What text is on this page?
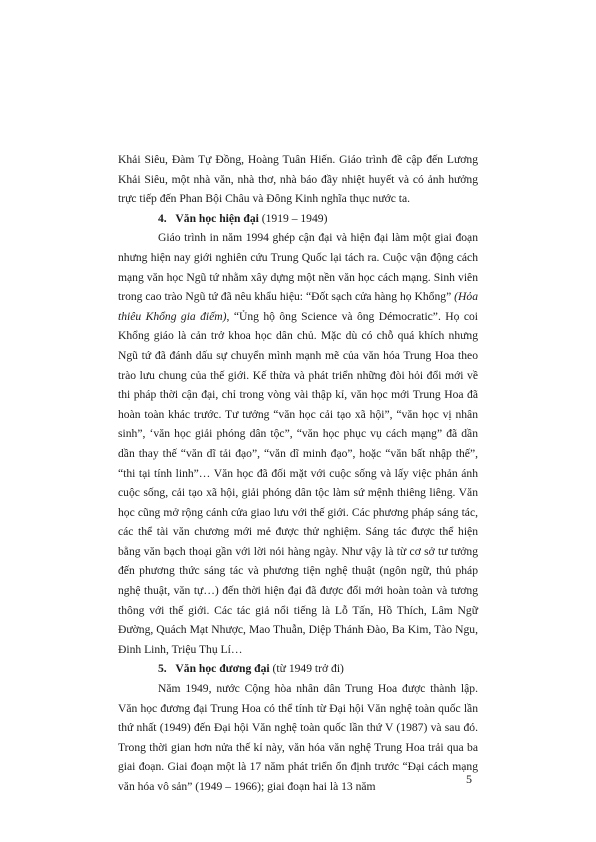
Khải Siêu, Đàm Tự Đồng, Hoàng Tuân Hiến. Giáo trình đề cập đến Lương Khải Siêu, một nhà văn, nhà thơ, nhà báo đầy nhiệt huyết và có ảnh hưởng trực tiếp đến Phan Bội Châu và Đông Kinh nghĩa thục nước ta.

4. Văn học hiện đại (1919 – 1949)

Giáo trình in năm 1994 ghép cận đại và hiện đại làm một giai đoạn nhưng hiện nay giới nghiên cứu Trung Quốc lại tách ra. Cuộc vận động cách mạng văn học Ngũ tứ nhằm xây dựng một nền văn học cách mạng. Sinh viên trong cao trào Ngũ tứ đã nêu khẩu hiệu: “Đốt sạch cửa hàng họ Khổng” (Hỏa thiêu Khổng gia điếm), “Ủng hộ ông Science và ông Démocratic”. Họ coi Khổng giáo là cản trở khoa học dân chủ. Mặc dù có chỗ quá khích nhưng Ngũ tứ đã đánh dấu sự chuyển mình mạnh mẽ của văn hóa Trung Hoa theo trào lưu chung của thế giới. Kế thừa và phát triển những đòi hỏi đổi mới về thi pháp thời cận đại, chỉ trong vòng vài thập kỉ, văn học mới Trung Hoa đã hoàn toàn khác trước. Tư tưởng “văn học cải tạo xã hội”, “văn học vị nhân sinh”, ‘văn học giải phóng dân tộc”, “văn học phục vụ cách mạng” đã dần dần thay thế “văn dĩ tải đạo”, “văn dĩ minh đạo”, hoặc “văn bất nhập thế”, “thi tại tính linh”… Văn học đã đối mặt với cuộc sống và lấy việc phản ánh cuộc sống, cải tạo xã hội, giải phóng dân tộc làm sứ mệnh thiêng liêng. Văn học cũng mở rộng cánh cửa giao lưu với thế giới. Các phương pháp sáng tác, các thể tài văn chương mới mẻ được thử nghiệm. Sáng tác được thể hiện bằng văn bạch thoại gần với lời nói hàng ngày. Như vậy là từ cơ sở tư tưởng đến phương thức sáng tác và phương tiện nghệ thuật (ngôn ngữ, thủ pháp nghệ thuật, văn tự…) đến thời hiện đại đã được đổi mới hoàn toàn và tương thông với thế giới. Các tác giả nổi tiếng là Lỗ Tấn, Hồ Thích, Lâm Ngữ Đường, Quách Mạt Nhược, Mao Thuẫn, Diệp Thánh Đào, Ba Kim, Tào Ngu, Đinh Linh, Triệu Thụ Lí…

5. Văn học đương đại (từ 1949 trở đi)

Năm 1949, nước Cộng hòa nhân dân Trung Hoa được thành lập. Văn học đương đại Trung Hoa có thể tính từ Đại hội Văn nghệ toàn quốc lần thứ nhất (1949) đến Đại hội Văn nghệ toàn quốc lần thứ V (1987) và sau đó. Trong thời gian hơn nửa thế kỉ này, văn hóa văn nghệ Trung Hoa trải qua ba giai đoạn. Giai đoạn một là 17 năm phát triển ổn định trước “Đại cách mạng văn hóa vô sản” (1949 – 1966); giai đoạn hai là 13 năm

5
